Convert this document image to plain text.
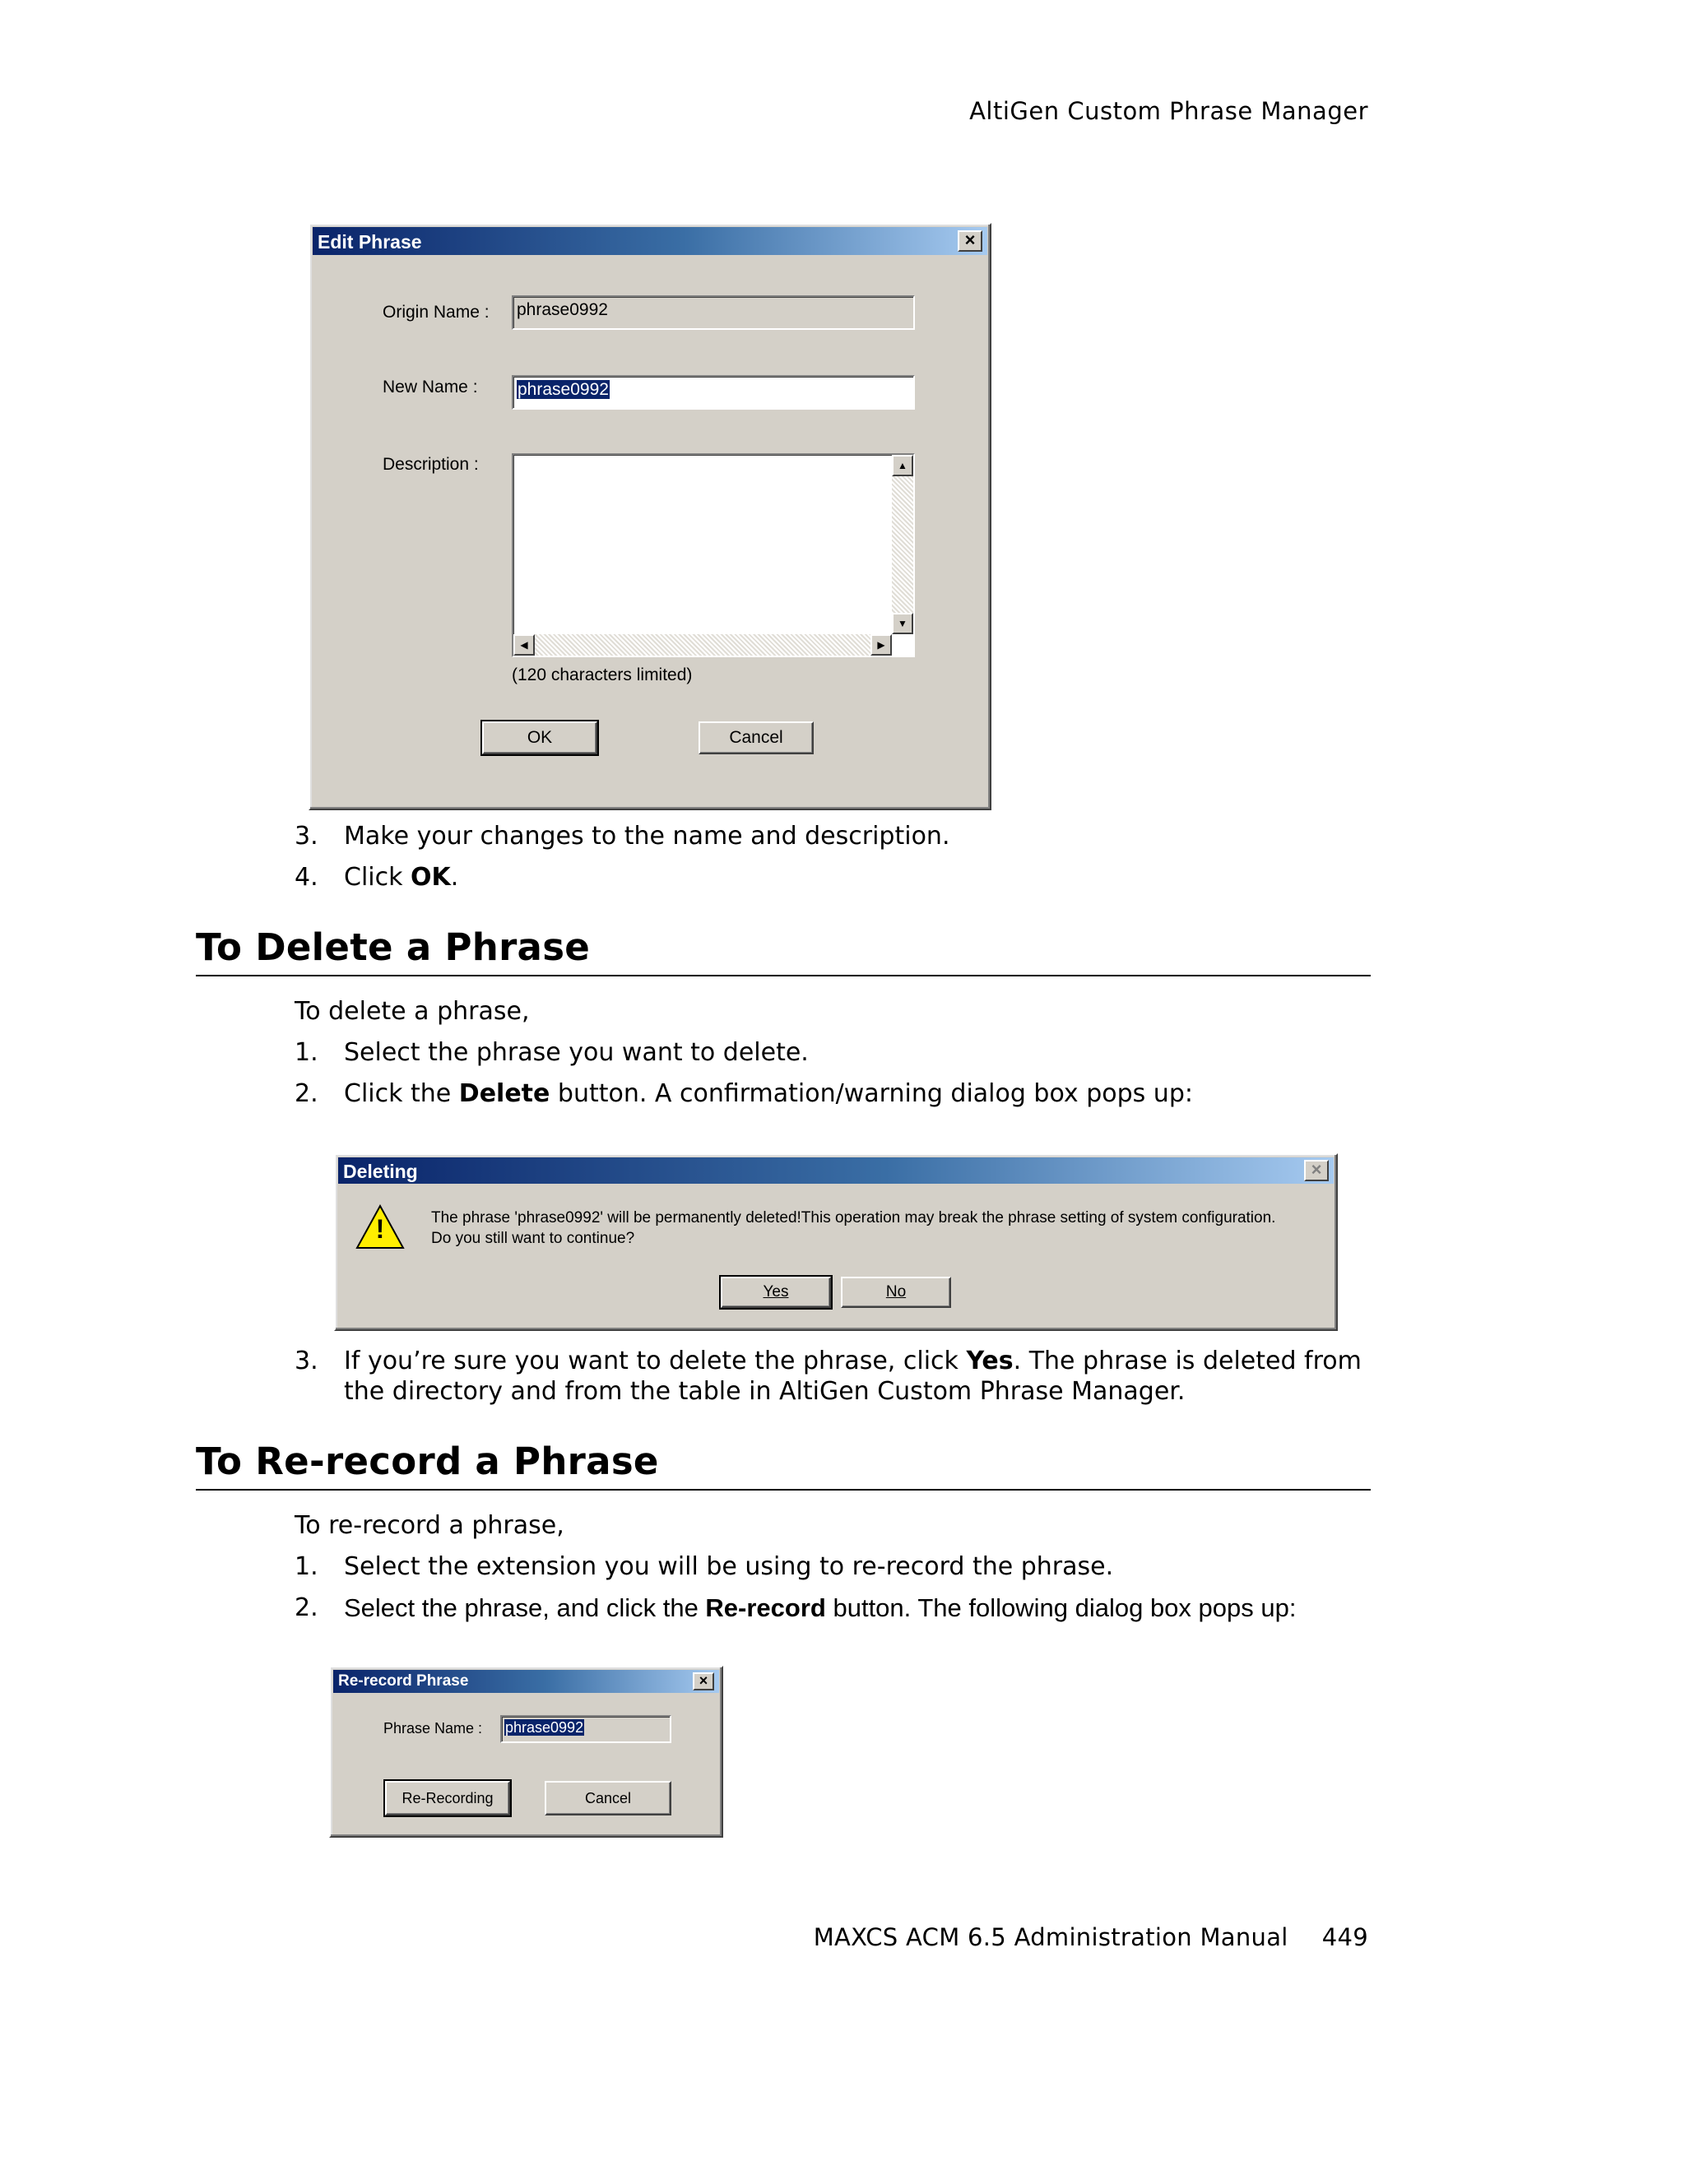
AltiGen Custom Phrase Manager
Edit Phrase	×
Origin Name : phrase0992
New Name :	phrase0992
Description :	▲
▼
◀	▶
(120 characters limited)
OK	Cancel
3. Make your changes to the name and description.
4. Click OK.
To Delete a Phrase
To delete a phrase,
1. Select the phrase you want to delete.
2. Click the Delete button. A confirmation/warning dialog box pops up:
Deleting	×
!	The phrase 'phrase0992' will be permanently deleted!This operation may break the phrase setting of system configuration.
Do you still want to continue?
Yes	No
3. If you’re sure you want to delete the phrase, click Yes. The phrase is deleted from
the directory and from the table in AltiGen Custom Phrase Manager.
To Re-record a Phrase
To re-record a phrase,
1. Select the extension you will be using to re-record the phrase.
2. Select the phrase, and click the Re-record button. The following dialog box pops up:
Re-record Phrase	×
Phrase Name :	phrase0992
Re-Recording	Cancel
MAXCS ACM 6.5 Administration Manual 449
